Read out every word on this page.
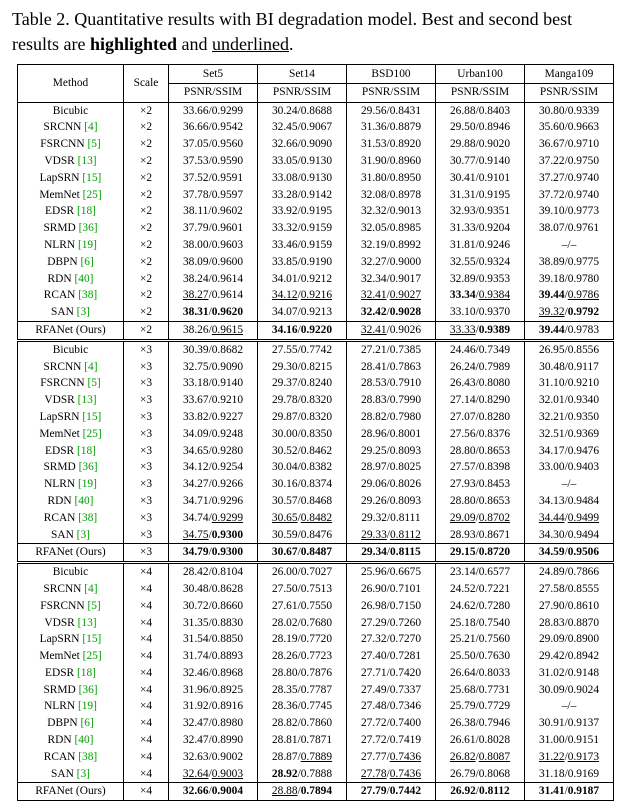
Table 2. Quantitative results with BI degradation model. Best and second best results are highlighted and underlined.
Method	Scale	Set5	Set14	BSD100	Urban100	Manga109
		PSNR/SSIM	PSNR/SSIM	PSNR/SSIM	PSNR/SSIM	PSNR/SSIM
Bicubic	×2	33.66/0.9299	30.24/0.8688	29.56/0.8431	26.88/0.8403	30.80/0.9339
SRCNN [4]	×2	36.66/0.9542	32.45/0.9067	31.36/0.8879	29.50/0.8946	35.60/0.9663
FSRCNN [5]	×2	37.05/0.9560	32.66/0.9090	31.53/0.8920	29.88/0.9020	36.67/0.9710
VDSR [13]	×2	37.53/0.9590	33.05/0.9130	31.90/0.8960	30.77/0.9140	37.22/0.9750
LapSRN [15]	×2	37.52/0.9591	33.08/0.9130	31.80/0.8950	30.41/0.9101	37.27/0.9740
MemNet [25]	×2	37.78/0.9597	33.28/0.9142	32.08/0.8978	31.31/0.9195	37.72/0.9740
EDSR [18]	×2	38.11/0.9602	33.92/0.9195	32.32/0.9013	32.93/0.9351	39.10/0.9773
SRMD [36]	×2	37.79/0.9601	33.32/0.9159	32.05/0.8985	31.33/0.9204	38.07/0.9761
NLRN [19]	×2	38.00/0.9603	33.46/0.9159	32.19/0.8992	31.81/0.9246	–/–
DBPN [6]	×2	38.09/0.9600	33.85/0.9190	32.27/0.9000	32.55/0.9324	38.89/0.9775
RDN [40]	×2	38.24/0.9614	34.01/0.9212	32.34/0.9017	32.89/0.9353	39.18/0.9780
RCAN [38]	×2	38.27/0.9614	34.12/0.9216	32.41/0.9027	33.34/0.9384	39.44/0.9786
SAN [3]	×2	38.31/0.9620	34.07/0.9213	32.42/0.9028	33.10/0.9370	39.32/0.9792
RFANet (Ours)	×2	38.26/0.9615	34.16/0.9220	32.41/0.9026	33.33/0.9389	39.44/0.9783
Bicubic	×3	30.39/0.8682	27.55/0.7742	27.21/0.7385	24.46/0.7349	26.95/0.8556
SRCNN [4]	×3	32.75/0.9090	29.30/0.8215	28.41/0.7863	26.24/0.7989	30.48/0.9117
FSRCNN [5]	×3	33.18/0.9140	29.37/0.8240	28.53/0.7910	26.43/0.8080	31.10/0.9210
VDSR [13]	×3	33.67/0.9210	29.78/0.8320	28.83/0.7990	27.14/0.8290	32.01/0.9340
LapSRN [15]	×3	33.82/0.9227	29.87/0.8320	28.82/0.7980	27.07/0.8280	32.21/0.9350
MemNet [25]	×3	34.09/0.9248	30.00/0.8350	28.96/0.8001	27.56/0.8376	32.51/0.9369
EDSR [18]	×3	34.65/0.9280	30.52/0.8462	29.25/0.8093	28.80/0.8653	34.17/0.9476
SRMD [36]	×3	34.12/0.9254	30.04/0.8382	28.97/0.8025	27.57/0.8398	33.00/0.9403
NLRN [19]	×3	34.27/0.9266	30.16/0.8374	29.06/0.8026	27.93/0.8453	–/–
RDN [40]	×3	34.71/0.9296	30.57/0.8468	29.26/0.8093	28.80/0.8653	34.13/0.9484
RCAN [38]	×3	34.74/0.9299	30.65/0.8482	29.32/0.8111	29.09/0.8702	34.44/0.9499
SAN [3]	×3	34.75/0.9300	30.59/0.8476	29.33/0.8112	28.93/0.8671	34.30/0.9494
RFANet (Ours)	×3	34.79/0.9300	30.67/0.8487	29.34/0.8115	29.15/0.8720	34.59/0.9506
Bicubic	×4	28.42/0.8104	26.00/0.7027	25.96/0.6675	23.14/0.6577	24.89/0.7866
SRCNN [4]	×4	30.48/0.8628	27.50/0.7513	26.90/0.7101	24.52/0.7221	27.58/0.8555
FSRCNN [5]	×4	30.72/0.8660	27.61/0.7550	26.98/0.7150	24.62/0.7280	27.90/0.8610
VDSR [13]	×4	31.35/0.8830	28.02/0.7680	27.29/0.7260	25.18/0.7540	28.83/0.8870
LapSRN [15]	×4	31.54/0.8850	28.19/0.7720	27.32/0.7270	25.21/0.7560	29.09/0.8900
MemNet [25]	×4	31.74/0.8893	28.26/0.7723	27.40/0.7281	25.50/0.7630	29.42/0.8942
EDSR [18]	×4	32.46/0.8968	28.80/0.7876	27.71/0.7420	26.64/0.8033	31.02/0.9148
SRMD [36]	×4	31.96/0.8925	28.35/0.7787	27.49/0.7337	25.68/0.7731	30.09/0.9024
NLRN [19]	×4	31.92/0.8916	28.36/0.7745	27.48/0.7346	25.79/0.7729	–/–
DBPN [6]	×4	32.47/0.8980	28.82/0.7860	27.72/0.7400	26.38/0.7946	30.91/0.9137
RDN [40]	×4	32.47/0.8990	28.81/0.7871	27.72/0.7419	26.61/0.8028	31.00/0.9151
RCAN [38]	×4	32.63/0.9002	28.87/0.7889	27.77/0.7436	26.82/0.8087	31.22/0.9173
SAN [3]	×4	32.64/0.9003	28.92/0.7888	27.78/0.7436	26.79/0.8068	31.18/0.9169
RFANet (Ours)	×4	32.66/0.9004	28.88/0.7894	27.79/0.7442	26.92/0.8112	31.41/0.9187
